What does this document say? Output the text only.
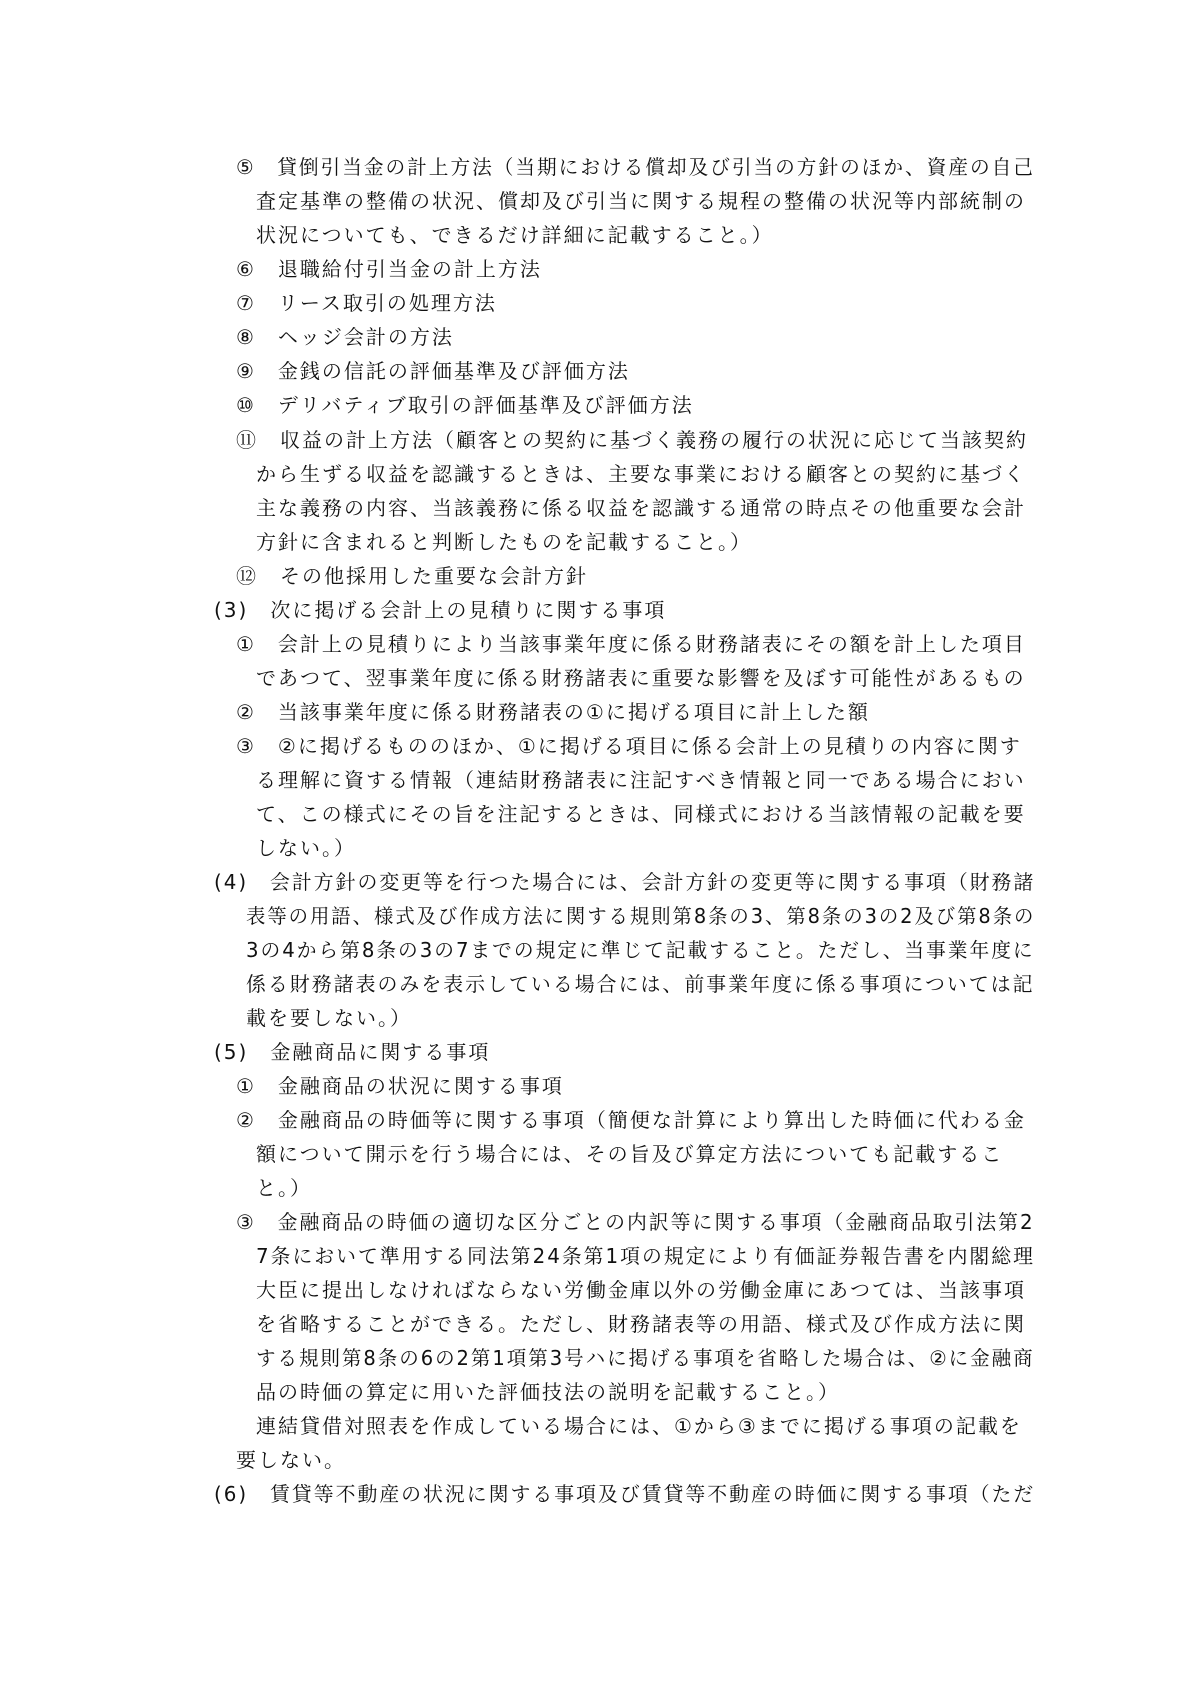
⑤　貸倒引当金の計上方法（当期における償却及び引当の方針のほか、資産の自己
査定基準の整備の状況、償却及び引当に関する規程の整備の状況等内部統制の
状況についても、できるだけ詳細に記載すること。）
⑥　退職給付引当金の計上方法
⑦　リース取引の処理方法
⑧　ヘッジ会計の方法
⑨　金銭の信託の評価基準及び評価方法
⑩　デリバティブ取引の評価基準及び評価方法
⑪　収益の計上方法（顧客との契約に基づく義務の履行の状況に応じて当該契約
から生ずる収益を認識するときは、主要な事業における顧客との契約に基づく
主な義務の内容、当該義務に係る収益を認識する通常の時点その他重要な会計
方針に含まれると判断したものを記載すること。）
⑫　その他採用した重要な会計方針
(3)　次に掲げる会計上の見積りに関する事項
①　会計上の見積りにより当該事業年度に係る財務諸表にその額を計上した項目
であつて、翌事業年度に係る財務諸表に重要な影響を及ぼす可能性があるもの
②　当該事業年度に係る財務諸表の①に掲げる項目に計上した額
③　②に掲げるもののほか、①に掲げる項目に係る会計上の見積りの内容に関す
る理解に資する情報（連結財務諸表に注記すべき情報と同一である場合におい
て、この様式にその旨を注記するときは、同様式における当該情報の記載を要
しない。）
(4)　会計方針の変更等を行つた場合には、会計方針の変更等に関する事項（財務諸
表等の用語、様式及び作成方法に関する規則第8条の3、第8条の3の2及び第8条の
3の4から第8条の3の7までの規定に準じて記載すること。ただし、当事業年度に
係る財務諸表のみを表示している場合には、前事業年度に係る事項については記
載を要しない。）
(5)　金融商品に関する事項
①　金融商品の状況に関する事項
②　金融商品の時価等に関する事項（簡便な計算により算出した時価に代わる金
額について開示を行う場合には、その旨及び算定方法についても記載するこ
と。）
③　金融商品の時価の適切な区分ごとの内訳等に関する事項（金融商品取引法第2
7条において準用する同法第24条第1項の規定により有価証券報告書を内閣総理
大臣に提出しなければならない労働金庫以外の労働金庫にあつては、当該事項
を省略することができる。ただし、財務諸表等の用語、様式及び作成方法に関
する規則第8条の6の2第1項第3号ハに掲げる事項を省略した場合は、②に金融商
品の時価の算定に用いた評価技法の説明を記載すること。）
連結貸借対照表を作成している場合には、①から③までに掲げる事項の記載を
要しない。
(6)　賃貸等不動産の状況に関する事項及び賃貸等不動産の時価に関する事項（ただ
